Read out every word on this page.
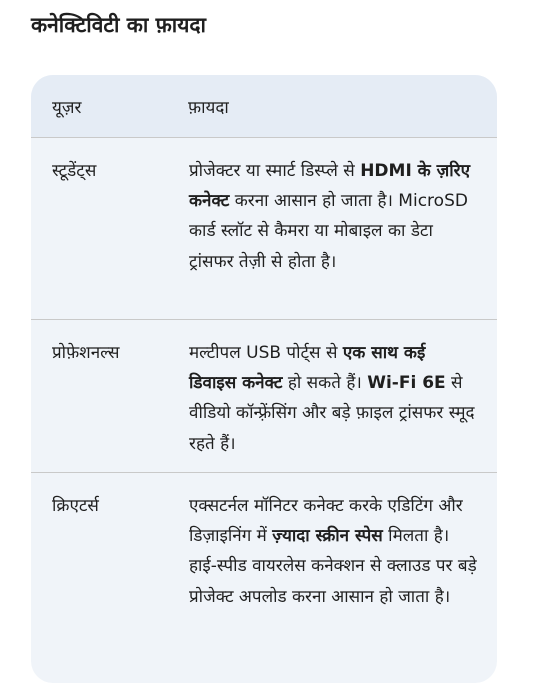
कनेक्टिविटी का फ़ायदा
यूज़र	फ़ायदा
स्टूडेंट्स	प्रोजेक्टर या स्मार्ट डिस्प्ले से HDMI के ज़रिए कनेक्ट करना आसान हो जाता है। MicroSD कार्ड स्लॉट से कैमरा या मोबाइल का डेटा ट्रांसफर तेज़ी से होता है।
प्रोफ़ेशनल्स	मल्टीपल USB पोर्ट्स से एक साथ कई डिवाइस कनेक्ट हो सकते हैं। Wi-Fi 6E से वीडियो कॉन्फ़्रेंसिंग और बड़े फ़ाइल ट्रांसफर स्मूद रहते हैं।
क्रिएटर्स	एक्सटर्नल मॉनिटर कनेक्ट करके एडिटिंग और डिज़ाइनिंग में ज़्यादा स्क्रीन स्पेस मिलता है। हाई-स्पीड वायरलेस कनेक्शन से क्लाउड पर बड़े प्रोजेक्ट अपलोड करना आसान हो जाता है।
